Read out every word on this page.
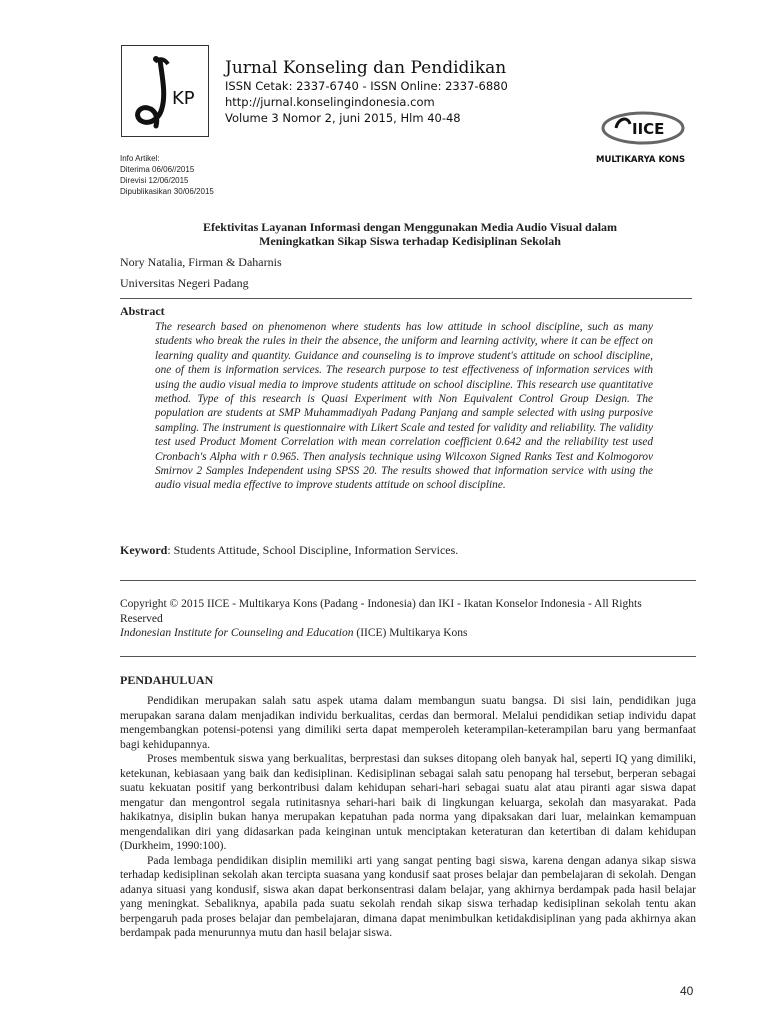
KP
Jurnal Konseling dan Pendidikan
ISSN Cetak: 2337-6740 - ISSN Online: 2337-6880
http://jurnal.konselingindonesia.com
Volume 3 Nomor 2, juni 2015, Hlm 40-48
IICE
MULTIKARYA KONS
Info Artikel:
Diterima 06/06//2015
Direvisi 12/06/2015
Dipublikasikan 30/06/2015
Efektivitas Layanan Informasi dengan Menggunakan Media Audio Visual dalam
Meningkatkan Sikap Siswa terhadap Kedisiplinan Sekolah
Nory Natalia, Firman & Daharnis
Universitas Negeri Padang
Abstract
The research based on phenomenon where students has low attitude in school discipline, such as many students who break the rules in their the absence, the uniform and learning activity, where it can be effect on learning quality and quantity. Guidance and counseling is to improve student's attitude on school discipline, one of them is information services. The research purpose to test effectiveness of information services with using the audio visual media to improve students attitude on school discipline. This research use quantitative method. Type of this research is Quasi Experiment with Non Equivalent Control Group Design. The population are students at SMP Muhammadiyah Padang Panjang and sample selected with using purposive sampling. The instrument is questionnaire with Likert Scale and tested for validity and reliability. The validity test used Product Moment Correlation with mean correlation coefficient 0.642 and the reliability test used Cronbach's Alpha with r 0.965. Then analysis technique using Wilcoxon Signed Ranks Test and Kolmogorov Smirnov 2 Samples Independent using SPSS 20. The results showed that information service with using the audio visual media effective to improve students attitude on school discipline.
Keyword: Students Attitude, School Discipline, Information Services.
Copyright © 2015 IICE - Multikarya Kons (Padang - Indonesia) dan IKI - Ikatan Konselor Indonesia - All Rights Reserved
Indonesian Institute for Counseling and Education (IICE) Multikarya Kons
PENDAHULUAN

Pendidikan merupakan salah satu aspek utama dalam membangun suatu bangsa. Di sisi lain, pendidikan juga merupakan sarana dalam menjadikan individu berkualitas, cerdas dan bermoral. Melalui pendidikan setiap individu dapat mengembangkan potensi-potensi yang dimiliki serta dapat memperoleh keterampilan-keterampilan baru yang bermanfaat bagi kehidupannya.

Proses membentuk siswa yang berkualitas, berprestasi dan sukses ditopang oleh banyak hal, seperti IQ yang dimiliki, ketekunan, kebiasaan yang baik dan kedisiplinan. Kedisiplinan sebagai salah satu penopang hal tersebut, berperan sebagai suatu kekuatan positif yang berkontribusi dalam kehidupan sehari-hari sebagai suatu alat atau piranti agar siswa dapat mengatur dan mengontrol segala rutinitasnya sehari-hari baik di lingkungan keluarga, sekolah dan masyarakat. Pada hakikatnya, disiplin bukan hanya merupakan kepatuhan pada norma yang dipaksakan dari luar, melainkan kemampuan mengendalikan diri yang didasarkan pada keinginan untuk menciptakan keteraturan dan ketertiban di dalam kehidupan (Durkheim, 1990:100).

Pada lembaga pendidikan disiplin memiliki arti yang sangat penting bagi siswa, karena dengan adanya sikap siswa terhadap kedisiplinan sekolah akan tercipta suasana yang kondusif saat proses belajar dan pembelajaran di sekolah. Dengan adanya situasi yang kondusif, siswa akan dapat berkonsentrasi dalam belajar, yang akhirnya berdampak pada hasil belajar yang meningkat. Sebaliknya, apabila pada suatu sekolah rendah sikap siswa terhadap kedisiplinan sekolah tentu akan berpengaruh pada proses belajar dan pembelajaran, dimana dapat menimbulkan ketidakdisiplinan yang pada akhirnya akan berdampak pada menurunnya mutu dan hasil belajar siswa.

40
